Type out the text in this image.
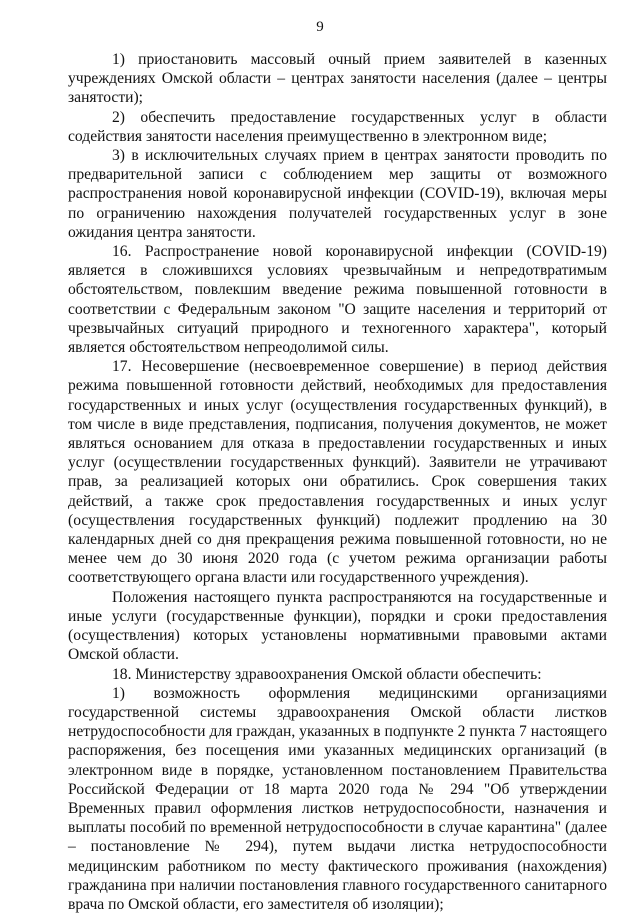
9

1) приостановить массовый очный прием заявителей в казенных учреждениях Омской области – центрах занятости населения (далее – центры занятости);

2) обеспечить предоставление государственных услуг в области содействия занятости населения преимущественно в электронном виде;

3) в исключительных случаях прием в центрах занятости проводить по предварительной записи с соблюдением мер защиты от возможного распространения новой коронавирусной инфекции (COVID-19), включая меры по ограничению нахождения получателей государственных услуг в зоне ожидания центра занятости.

16. Распространение новой коронавирусной инфекции (COVID-19) является в сложившихся условиях чрезвычайным и непредотвратимым обстоятельством, повлекшим введение режима повышенной готовности в соответствии с Федеральным законом "О защите населения и территорий от чрезвычайных ситуаций природного и техногенного характера", который является обстоятельством непреодолимой силы.

17. Несовершение (несвоевременное совершение) в период действия режима повышенной готовности действий, необходимых для предоставления государственных и иных услуг (осуществления государственных функций), в том числе в виде представления, подписания, получения документов, не может являться основанием для отказа в предоставлении государственных и иных услуг (осуществлении государственных функций). Заявители не утрачивают прав, за реализацией которых они обратились. Срок совершения таких действий, а также срок предоставления государственных и иных услуг (осуществления государственных функций) подлежит продлению на 30 календарных дней со дня прекращения режима повышенной готовности, но не менее чем до 30 июня 2020 года (с учетом режима организации работы соответствующего органа власти или государственного учреждения).

Положения настоящего пункта распространяются на государственные и иные услуги (государственные функции), порядки и сроки предоставления (осуществления) которых установлены нормативными правовыми актами Омской области.

18. Министерству здравоохранения Омской области обеспечить:

1) возможность оформления медицинскими организациями государственной системы здравоохранения Омской области листков нетрудоспособности для граждан, указанных в подпункте 2 пункта 7 настоящего распоряжения, без посещения ими указанных медицинских организаций (в электронном виде в порядке, установленном постановлением Правительства Российской Федерации от 18 марта 2020 года № 294 "Об утверждении Временных правил оформления листков нетрудоспособности, назначения и выплаты пособий по временной нетрудоспособности в случае карантина" (далее – постановление № 294), путем выдачи листка нетрудоспособности медицинским работником по месту фактического проживания (нахождения) гражданина при наличии постановления главного государственного санитарного врача по Омской области, его заместителя об изоляции);
